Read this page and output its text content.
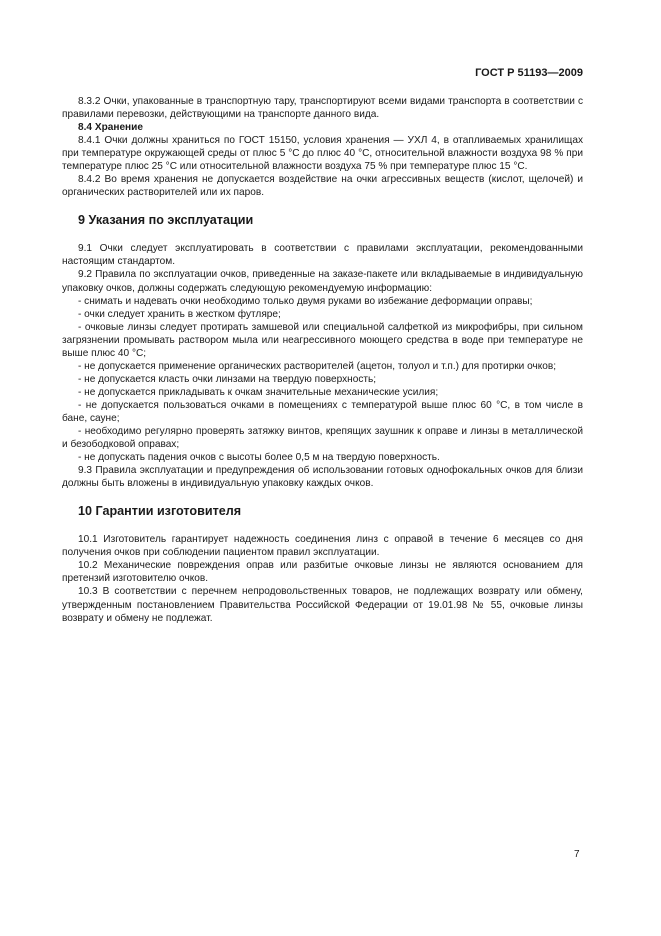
ГОСТ Р 51193—2009

8.3.2 Очки, упакованные в транспортную тару, транспортируют всеми видами транспорта в соответствии с правилами перевозки, действующими на транспорте данного вида.

8.4 Хранение

8.4.1 Очки должны храниться по ГОСТ 15150, условия хранения — УХЛ 4, в отапливаемых хранилищах при температуре окружающей среды от плюс 5 °С до плюс 40 °С, относительной влажности воздуха 98 % при температуре плюс 25 °С или относительной влажности воздуха 75 % при температуре плюс 15 °С.

8.4.2 Во время хранения не допускается воздействие на очки агрессивных веществ (кислот, щелочей) и органических растворителей или их паров.

9 Указания по эксплуатации

9.1 Очки следует эксплуатировать в соответствии с правилами эксплуатации, рекомендованными настоящим стандартом.

9.2 Правила по эксплуатации очков, приведенные на заказе-пакете или вкладываемые в индивидуальную упаковку очков, должны содержать следующую рекомендуемую информацию:

- снимать и надевать очки необходимо только двумя руками во избежание деформации оправы;

- очки следует хранить в жестком футляре;

- очковые линзы следует протирать замшевой или специальной салфеткой из микрофибры, при сильном загрязнении промывать раствором мыла или неагрессивного моющего средства в воде при температуре не выше плюс 40 °С;

- не допускается применение органических растворителей (ацетон, толуол и т.п.) для протирки очков;

- не допускается класть очки линзами на твердую поверхность;

- не допускается прикладывать к очкам значительные механические усилия;

- не допускается пользоваться очками в помещениях с температурой выше плюс 60 °С, в том числе в бане, сауне;

- необходимо регулярно проверять затяжку винтов, крепящих заушник к оправе и линзы в металлической и безободковой оправах;

- не допускать падения очков с высоты более 0,5 м на твердую поверхность.

9.3 Правила эксплуатации и предупреждения об использовании готовых однофокальных очков для близи должны быть вложены в индивидуальную упаковку каждых очков.

10 Гарантии изготовителя

10.1 Изготовитель гарантирует надежность соединения линз с оправой в течение 6 месяцев со дня получения очков при соблюдении пациентом правил эксплуатации.

10.2 Механические повреждения оправ или разбитые очковые линзы не являются основанием для претензий изготовителю очков.

10.3 В соответствии с перечнем непродовольственных товаров, не подлежащих возврату или обмену, утвержденным постановлением Правительства Российской Федерации от 19.01.98 № 55, очковые линзы возврату и обмену не подлежат.

7
